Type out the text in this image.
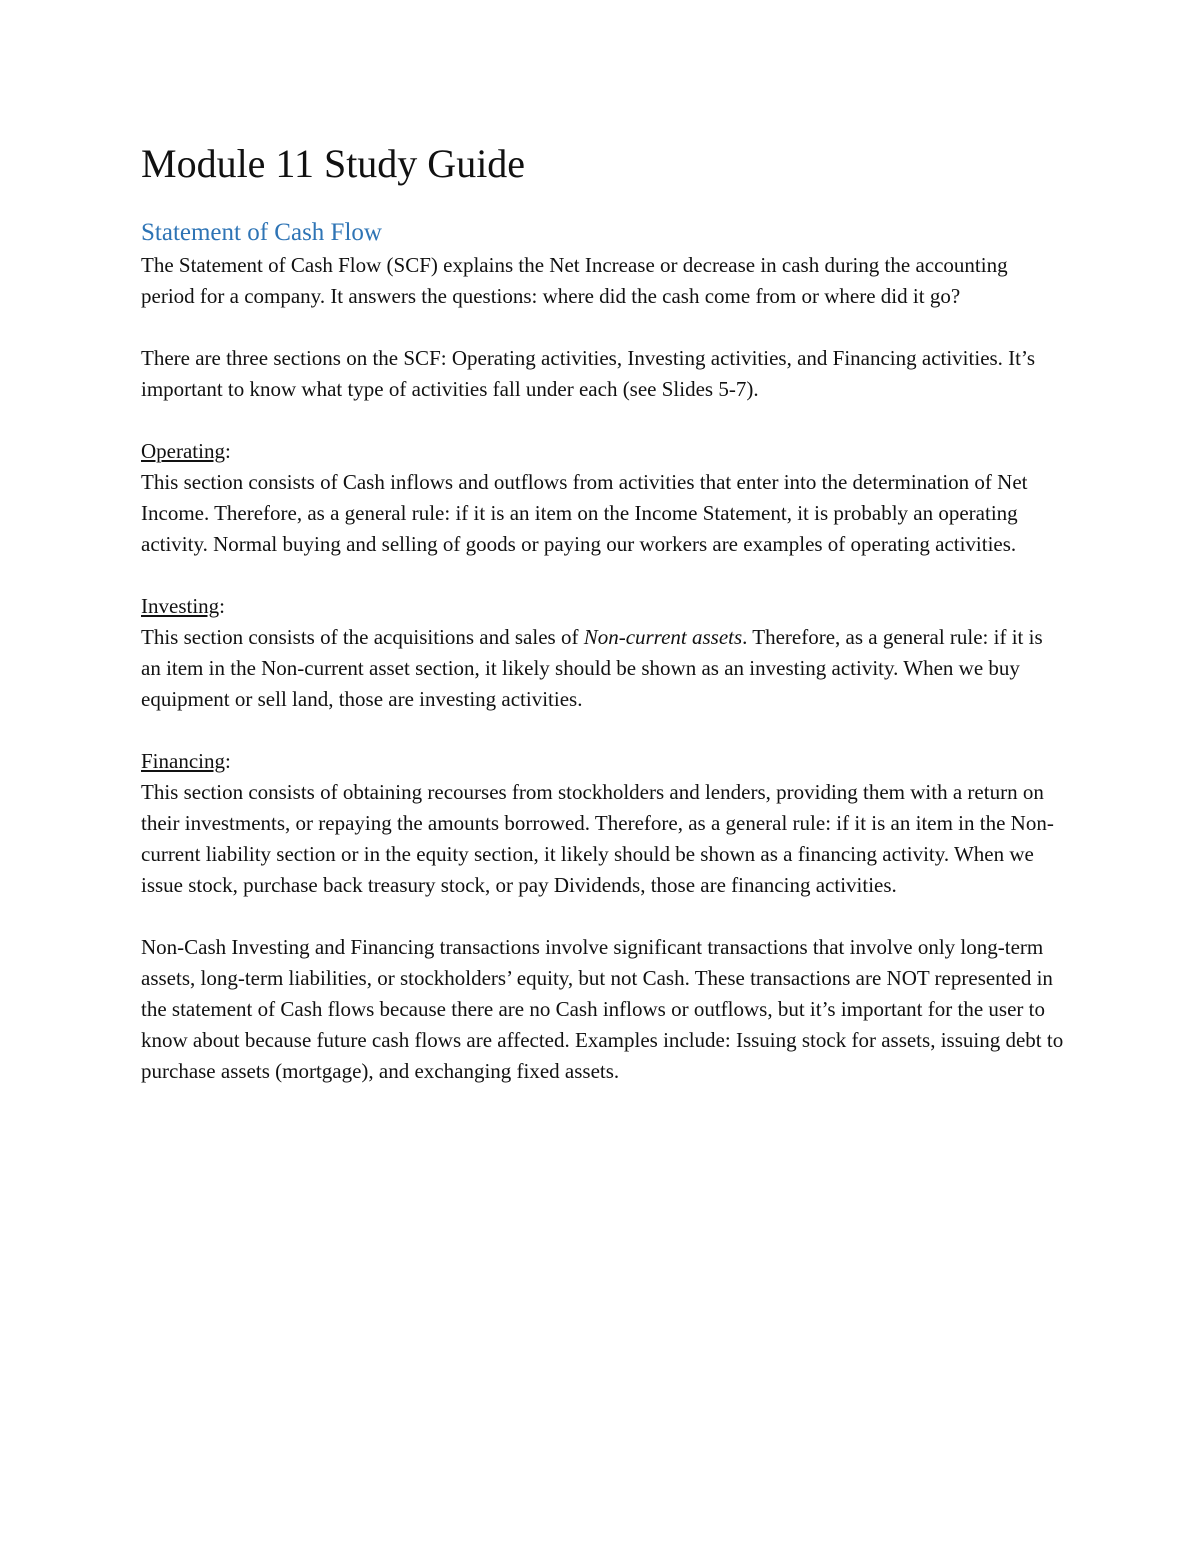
Module 11 Study Guide
Statement of Cash Flow

The Statement of Cash Flow (SCF) explains the Net Increase or decrease in cash during the accounting period for a company. It answers the questions: where did the cash come from or where did it go?

There are three sections on the SCF: Operating activities, Investing activities, and Financing activities. It’s important to know what type of activities fall under each (see Slides 5-7).

Operating:

This section consists of Cash inflows and outflows from activities that enter into the determination of Net Income. Therefore, as a general rule: if it is an item on the Income Statement, it is probably an operating activity. Normal buying and selling of goods or paying our workers are examples of operating activities.

Investing:

This section consists of the acquisitions and sales of Non-current assets. Therefore, as a general rule: if it is an item in the Non-current asset section, it likely should be shown as an investing activity. When we buy equipment or sell land, those are investing activities.

Financing:

This section consists of obtaining recourses from stockholders and lenders, providing them with a return on their investments, or repaying the amounts borrowed. Therefore, as a general rule: if it is an item in the Non-current liability section or in the equity section, it likely should be shown as a financing activity. When we issue stock, purchase back treasury stock, or pay Dividends, those are financing activities.

Non-Cash Investing and Financing transactions involve significant transactions that involve only long-term assets, long-term liabilities, or stockholders’ equity, but not Cash. These transactions are NOT represented in the statement of Cash flows because there are no Cash inflows or outflows, but it’s important for the user to know about because future cash flows are affected. Examples include: Issuing stock for assets, issuing debt to purchase assets (mortgage), and exchanging fixed assets.
